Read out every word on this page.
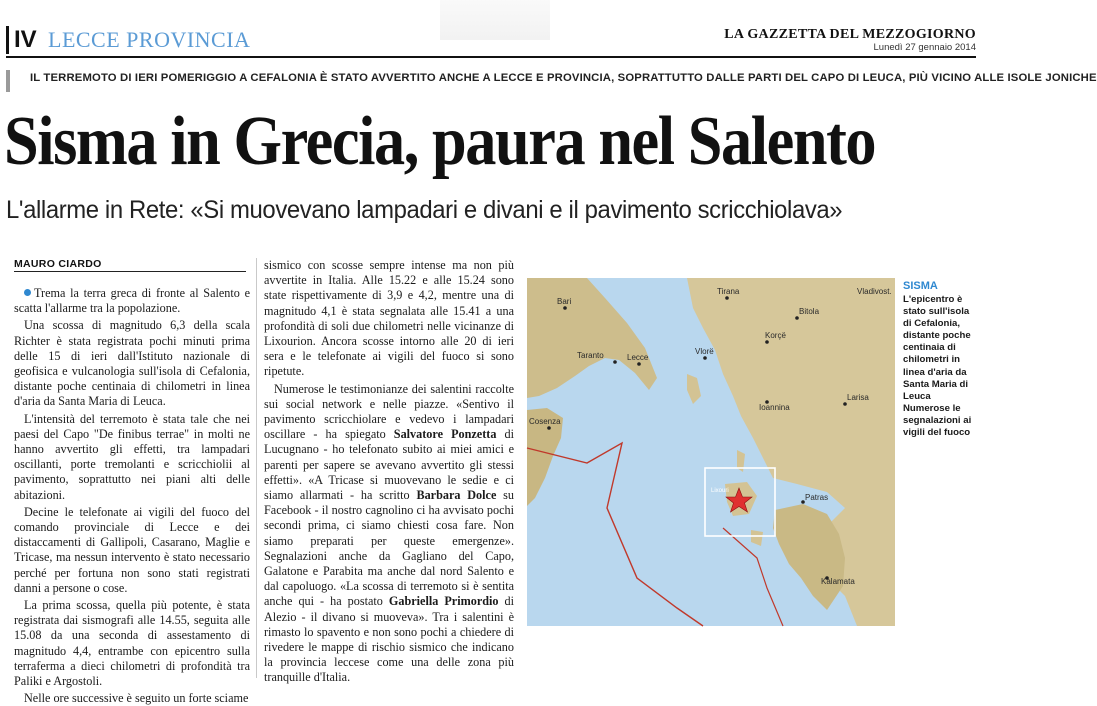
IV LECCE PROVINCIA	LA GAZZETTA DEL MEZZOGIORNO
Lunedì 27 gennaio 2014
IL TERREMOTO DI IERI POMERIGGIO A CEFALONIA È STATO AVVERTITO ANCHE A LECCE E PROVINCIA, SOPRATTUTTO DALLE PARTI DEL CAPO DI LEUCA, PIÙ VICINO ALLE ISOLE JONICHE
Sisma in Grecia, paura nel Salento
L'allarme in Rete: «Si muovevano lampadari e divani e il pavimento scricchiolava»
MAURO CIARDO

Trema la terra greca di fronte al Salento e scatta l'allarme tra la popolazione.

Una scossa di magnitudo 6,3 della scala Richter è stata registrata pochi minuti prima delle 15 di ieri dall'Istituto nazionale di geofisica e vulcanologia sull'isola di Cefalonia, distante poche centinaia di chilometri in linea d'aria da Santa Maria di Leuca.

L'intensità del terremoto è stata tale che nei paesi del Capo "De finibus terrae" in molti ne hanno avvertito gli effetti, tra lampadari oscillanti, porte tremolanti e scricchiolii al pavimento, soprattutto nei piani alti delle abitazioni.

Decine le telefonate ai vigili del fuoco del comando provinciale di Lecce e dei distaccamenti di Gallipoli, Casarano, Maglie e Tricase, ma nessun intervento è stato necessario perché per fortuna non sono stati registrati danni a persone o cose.

La prima scossa, quella più potente, è stata registrata dai sismografi alle 14.55, seguita alle 15.08 da una seconda di assestamento di magnitudo 4,4, entrambe con epicentro sulla terraferma a dieci chilometri di profondità tra Paliki e Argostoli.

Nelle ore successive è seguito un forte sciame

sismico con scosse sempre intense ma non più avvertite in Italia. Alle 15.22 e alle 15.24 sono state rispettivamente di 3,9 e 4,2, mentre una di magnitudo 4,1 è stata segnalata alle 15.41 a una profondità di soli due chilometri nelle vicinanze di Lixourion. Ancora scosse intorno alle 20 di ieri sera e le telefonate ai vigili del fuoco si sono ripetute.

Numerose le testimonianze dei salentini raccolte sui social network e nelle piazze. «Sentivo il pavimento scricchiolare e vedevo i lampadari oscillare - ha spiegato Salvatore Ponzetta di Lucugnano - ho telefonato subito ai miei amici e parenti per sapere se avevano avvertito gli stessi effetti». «A Tricase si muovevano le sedie e ci siamo allarmati - ha scritto Barbara Dolce su Facebook - il nostro cagnolino ci ha avvisato pochi secondi prima, ci siamo chiesti cosa fare. Non siamo preparati per queste emergenze». Segnalazioni anche da Gagliano del Capo, Galatone e Parabita ma anche dal nord Salento e dal capoluogo. «La scossa di terremoto si è sentita anche qui - ha postato Gabriella Primordio di Alezio - il divano si muoveva». Tra i salentini è rimasto lo spavento e non sono pochi a chiedere di rivedere le mappe di rischio sismico che indicano la provincia leccese come una delle zona più tranquille d'Italia.

Bari
Taranto	Lecce
Cosenza
Tirana	Vladivost.
Bitola
Korçë
Vlorë
Ioannina
Larisa
Patras
Kalamata
Lixouri
SISMA
L'epicentro è stato sull'isola di Cefalonia, distante poche centinaia di chilometri in linea d'aria da Santa Maria di Leuca Numerose le segnalazioni ai vigili del fuoco
